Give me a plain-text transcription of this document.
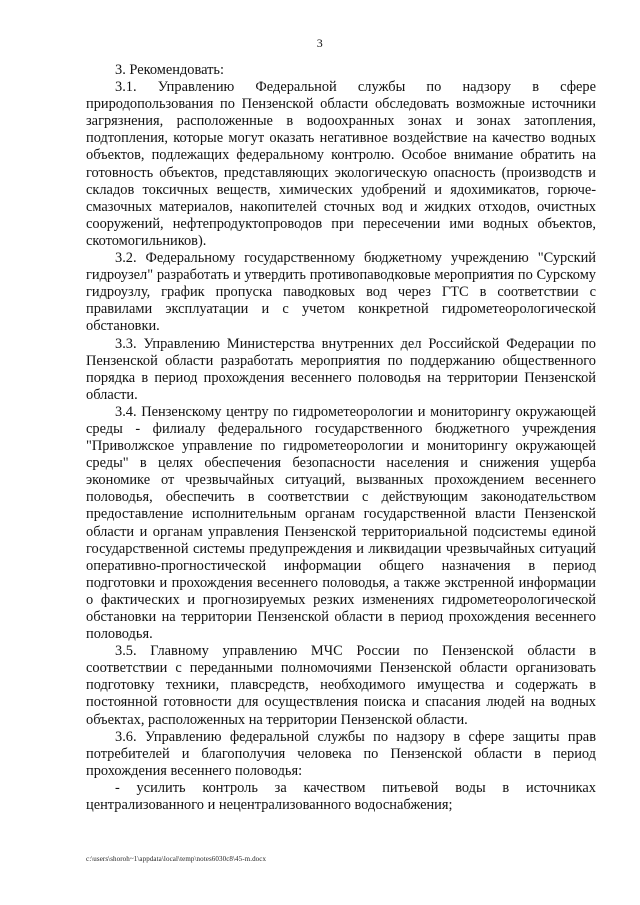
3

3. Рекомендовать:

3.1. Управлению Федеральной службы по надзору в сфере природопользования по Пензенской области обследовать возможные источники загрязнения, расположенные в водоохранных зонах и зонах затопления, подтопления, которые могут оказать негативное воздействие на качество водных объектов, подлежащих федеральному контролю. Особое внимание обратить на готовность объектов, представляющих экологическую опасность (производств и складов токсичных веществ, химических удобрений и ядохимикатов, горюче-смазочных материалов, накопителей сточных вод и жидких отходов, очистных сооружений, нефтепродуктопроводов при пересечении ими водных объектов, скотомогильников).

3.2. Федеральному государственному бюджетному учреждению "Сурский гидроузел" разработать и утвердить противопаводковые мероприятия по Сурскому гидроузлу, график пропуска паводковых вод через ГТС в соответствии с правилами эксплуатации и с учетом конкретной гидрометеорологической обстановки.

3.3. Управлению Министерства внутренних дел Российской Федерации по Пензенской области разработать мероприятия по поддержанию общественного порядка в период прохождения весеннего половодья на территории Пензенской области.

3.4. Пензенскому центру по гидрометеорологии и мониторингу окружающей среды - филиалу федерального государственного бюджетного учреждения "Приволжское управление по гидрометеорологии и мониторингу окружающей среды" в целях обеспечения безопасности населения и снижения ущерба экономике от чрезвычайных ситуаций, вызванных прохождением весеннего половодья, обеспечить в соответствии с действующим законодательством предоставление исполнительным органам государственной власти Пензенской области и органам управления Пензенской территориальной подсистемы единой государственной системы предупреждения и ликвидации чрезвычайных ситуаций оперативно-прогностической информации общего назначения в период подготовки и прохождения весеннего половодья, а также экстренной информации о фактических и прогнозируемых резких изменениях гидрометеорологической обстановки на территории Пензенской области в период прохождения весеннего половодья.

3.5. Главному управлению МЧС России по Пензенской области в соответствии с переданными полномочиями Пензенской области организовать подготовку техники, плавсредств, необходимого имущества и содержать в постоянной готовности для осуществления поиска и спасания людей на водных объектах, расположенных на территории Пензенской области.

3.6. Управлению федеральной службы по надзору в сфере защиты прав потребителей и благополучия человека по Пензенской области в период прохождения весеннего половодья:

- усилить контроль за качеством питьевой воды в источниках централизованного и нецентрализованного водоснабжения;

c:\users\shoroh~1\appdata\local\temp\notes6030c8\45-m.docx
